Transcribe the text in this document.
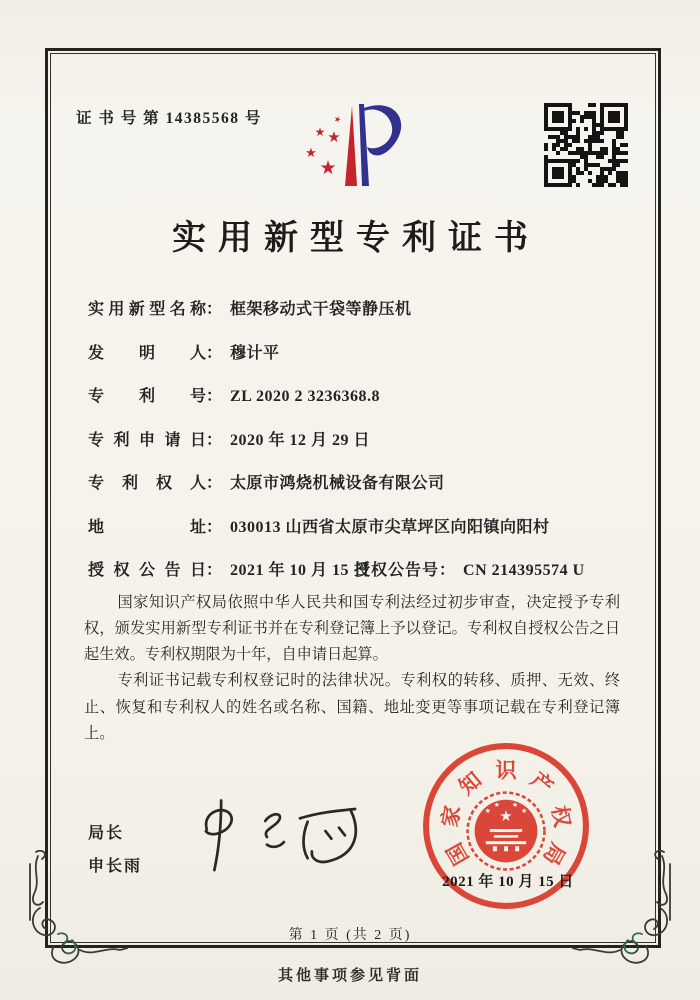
证 书 号 第 14385568 号	★
★ ★
★
★
实用新型专利证书
实用新型名称： 框架移动式干袋等静压机
发明人： 穆计平
专利号： ZL 2020 2 3236368.8
专利申请日： 2020 年 12 月 29 日
专利权人： 太原市鸿烧机械设备有限公司
地址： 030013 山西省太原市尖草坪区向阳镇向阳村
授权公告日： 2021 年 10 月 15 日
授权公告号： CN 214395574 U

国家知识产权局依照中华人民共和国专利法经过初步审查，决定授予专利权，颁发实用新型专利证书并在专利登记簿上予以登记。专利权自授权公告之日起生效。专利权期限为十年，自申请日起算。

专利证书记载专利权登记时的法律状况。专利权的转移、质押、无效、终止、恢复和专利权人的姓名或名称、国籍、地址变更等事项记载在专利登记簿上。

局长
申长雨	国
家
知 识 产
权
局
★
★
★ ★
★
2021 年 10 月 15 日
第 1 页 (共 2 页)
其他事项参见背面
